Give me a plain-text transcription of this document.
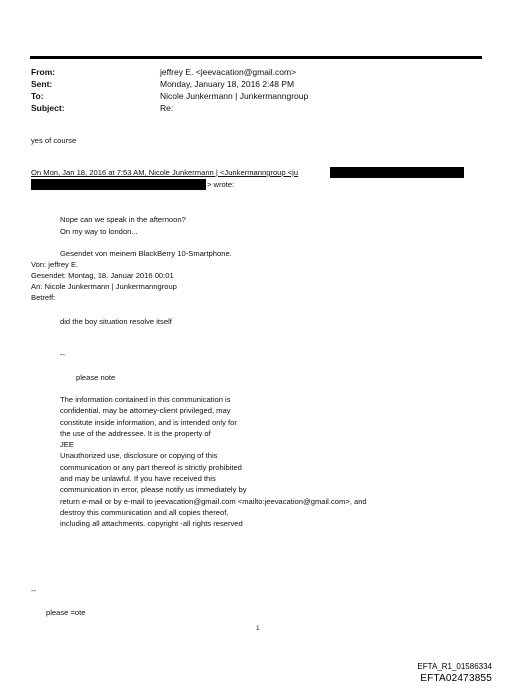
From:	jeffrey E. <jeevacation@gmail.com>
Sent:	Monday, January 18, 2016 2:48 PM
To:	Nicole Junkermann | Junkermanngroup
Subject:	Re:
yes of course
On Mon, Jan 18, 2016 at 7:53 AM, Nicole Junkermann | <Junkermanngroup <ju
> wrote:
Nope can we speak in the afternoon?
On my way to london...
Gesendet von meinem BlackBerry 10-Smartphone.
Von: jeffrey E.
Gesendet: Montag, 18. Januar 2016 00:01
An: Nicole Junkermann | Junkermanngroup
Betreff:
did the boy situation resolve itself
--
please note
The information contained in this communication is
confidential, may be attorney-client privileged, may
constitute inside information, and is intended only for
the use of the addressee. It is the property of
JEE
Unauthorized use, disclosure or copying of this
communication or any part thereof is strictly prohibited
and may be unlawful. If you have received this
communication in error, please notify us immediately by
return e-mail or by e-mail to jeevacation@gmail.com <mailto:jeevacation@gmail.com>, and
destroy this communication and all copies thereof,
including all attachments. copyright -all rights reserved
--
please =ote
1
EFTA_R1_01586334
EFTA02473855
